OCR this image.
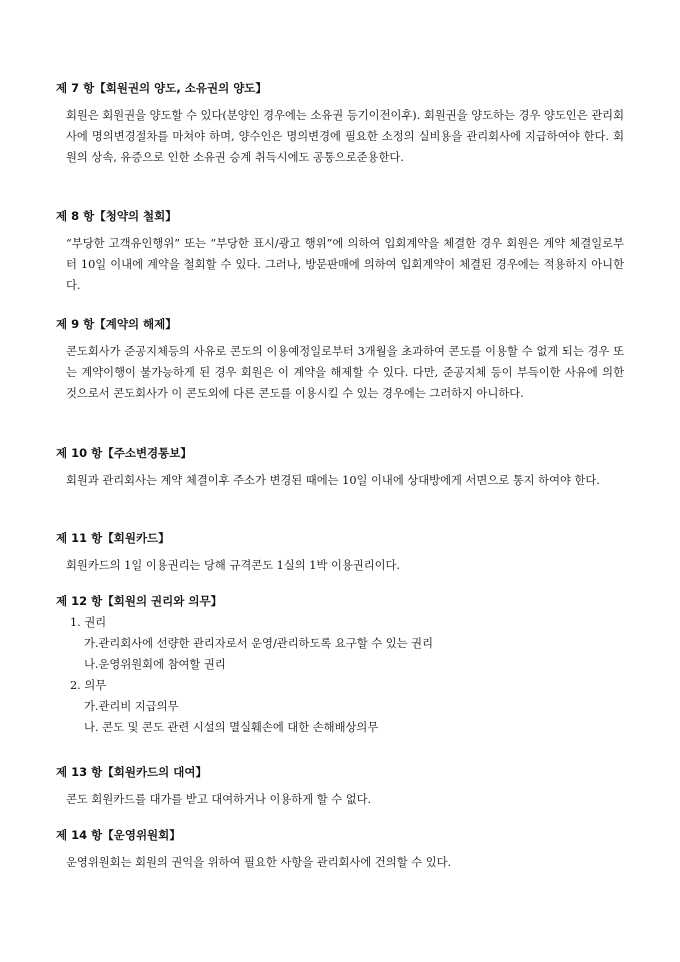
제 7 항【회원권의 양도, 소유권의 양도】
회원은 회원권을 양도할 수 있다(분양인 경우에는 소유권 등기이전이후). 회원권을 양도하는 경우 양도인은 관리회사에 명의변경절차를 마쳐야 하며, 양수인은 명의변경에 필요한 소정의 실비용을 관리회사에 지급하여야 한다. 회원의 상속, 유증으로 인한 소유권 승계 취득시에도 공통으로준용한다.
제 8 항【청약의 철회】
“부당한 고객유인행위” 또는 “부당한 표시/광고 행위”에 의하여 입회계약을 체결한 경우 회원은 계약 체결일로부터 10일 이내에 계약을 철회할 수 있다. 그러나, 방문판매에 의하여 입회계약이 체결된 경우에는 적용하지 아니한다.
제 9 항【계약의 해제】
콘도회사가 준공지체등의 사유로 콘도의 이용예정일로부터 3개월을 초과하여 콘도를 이용할 수 없게 되는 경우 또는 계약이행이 불가능하게 된 경우 회원은 이 계약을 해제할 수 있다. 다만, 준공지체 등이 부득이한 사유에 의한 것으로서 콘도회사가 이 콘도외에 다른 콘도를 이용시킬 수 있는 경우에는 그러하지 아니하다.
제 10 항【주소변경통보】
회원과 관리회사는 계약 체결이후 주소가 변경된 때에는 10일 이내에 상대방에게 서면으로 통지 하여야 한다.
제 11 항【회원카드】
회원카드의 1일 이용권리는 당해 규격콘도 1실의 1박 이용권리이다.
제 12 항【회원의 권리와 의무】
1. 권리
가.관리회사에 선량한 관리자로서 운영/관리하도록 요구할 수 있는 권리
나.운영위원회에 참여할 권리
2. 의무
가.관리비 지급의무
나. 콘도 및 콘도 관련 시설의 멸실훼손에 대한 손해배상의무
제 13 항【회원카드의 대여】
콘도 회원카드를 대가를 받고 대여하거나 이용하게 할 수 없다.
제 14 항【운영위원회】
운영위원회는 회원의 권익을 위하여 필요한 사항을 관리회사에 건의할 수 있다.
